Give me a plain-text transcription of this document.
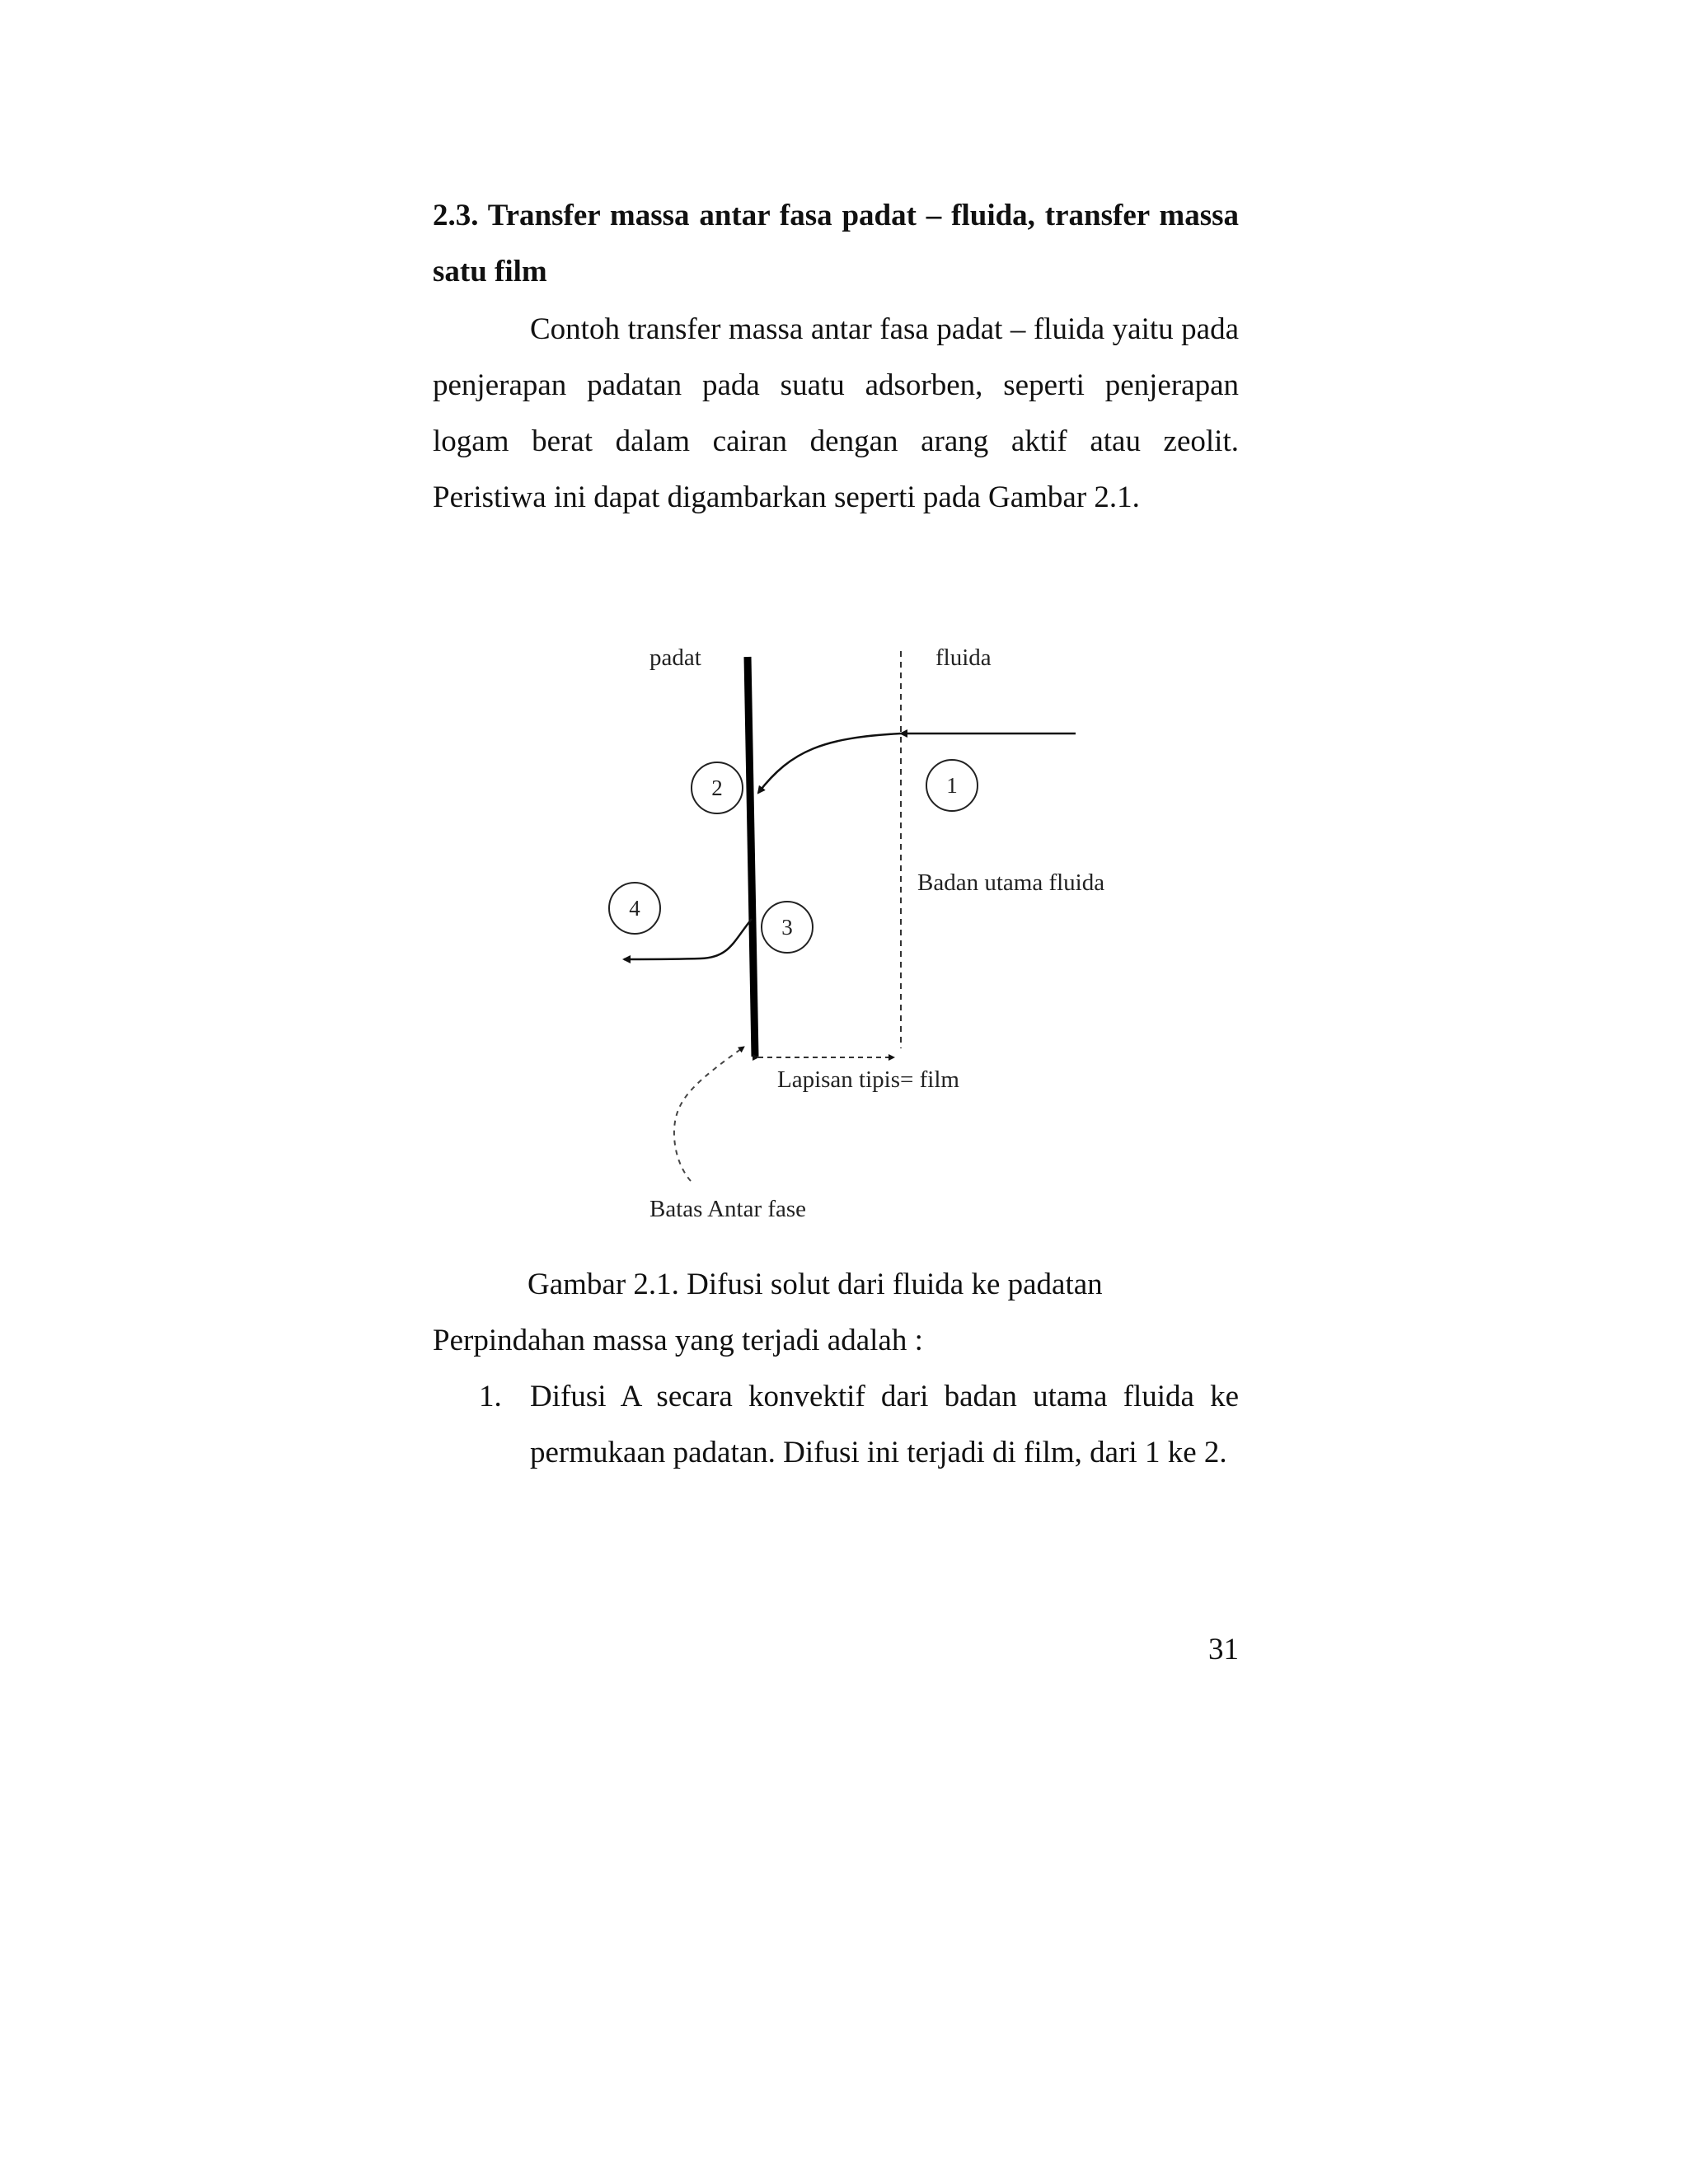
2.3. Transfer massa antar fasa padat – fluida, transfer massa satu film
Contoh transfer massa antar fasa padat – fluida yaitu pada penjerapan padatan pada suatu adsorben, seperti penjerapan logam berat dalam cairan dengan arang aktif atau zeolit. Peristiwa ini dapat digambarkan seperti pada Gambar 2.1.
padat	fluida
1
2
3
4
Badan utama fluida
Lapisan tipis= film
Batas Antar fase
Gambar 2.1. Difusi solut dari fluida ke padatan
Perpindahan massa yang terjadi adalah :
1. Difusi A secara konvektif dari badan utama fluida ke permukaan padatan. Difusi ini terjadi di film, dari 1 ke 2.
31
